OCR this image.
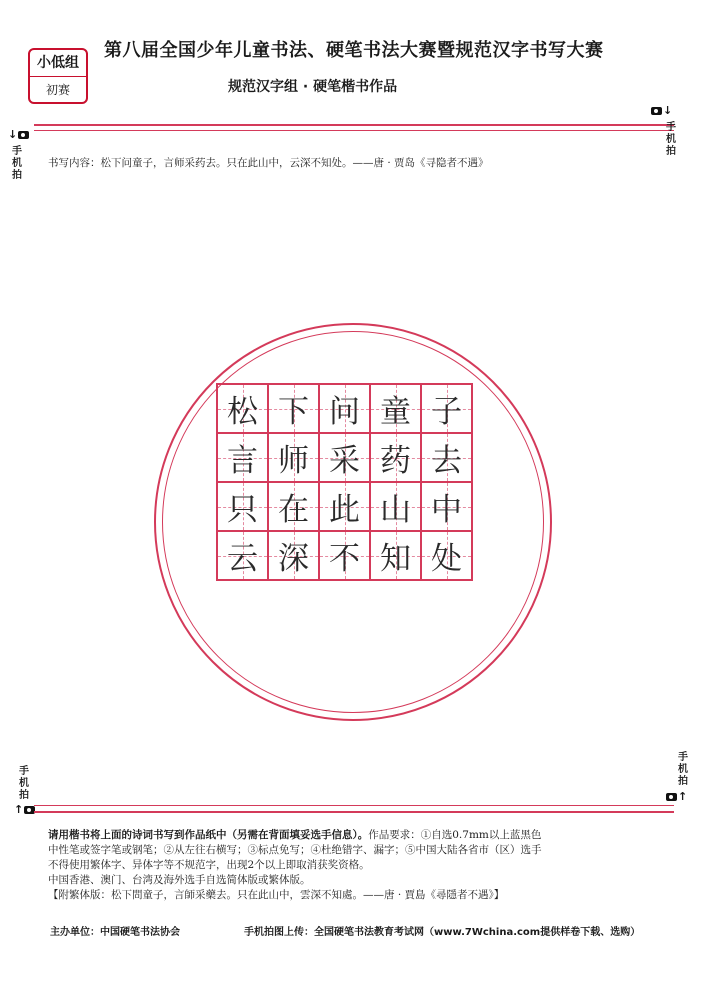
小低组
初赛
第八届全国少年儿童书法、硬笔书法大赛暨规范汉字书写大赛
规范汉字组 · 硬笔楷书作品
↓
↓
手
机
拍
手
机
拍
书写内容：松下问童子，言师采药去。只在此山中，云深不知处。——唐 · 贾岛《寻隐者不遇》
松 下 问 童 子
言 师 采 药 去
只 在 此 山 中
云 深 不 知 处
手
机
拍
手
机
拍
↑
↑

请用楷书将上面的诗词书写到作品纸中（另需在背面填妥选手信息）。作品要求：①自选0.7mm以上蓝黑色

中性笔或签字笔或钢笔；②从左往右横写；③标点免写；④杜绝错字、漏字；⑤中国大陆各省市（区）选手

不得使用繁体字、异体字等不规范字，出现2个以上即取消获奖资格。

中国香港、澳门、台湾及海外选手自选简体版或繁体版。

【附繁体版：松下問童子，言師采藥去。只在此山中，雲深不知處。——唐 · 賈島《尋隱者不遇》】

主办单位：中国硬笔书法协会	手机拍图上传：全国硬笔书法教育考试网（www.7Wchina.com提供样卷下载、选购）
